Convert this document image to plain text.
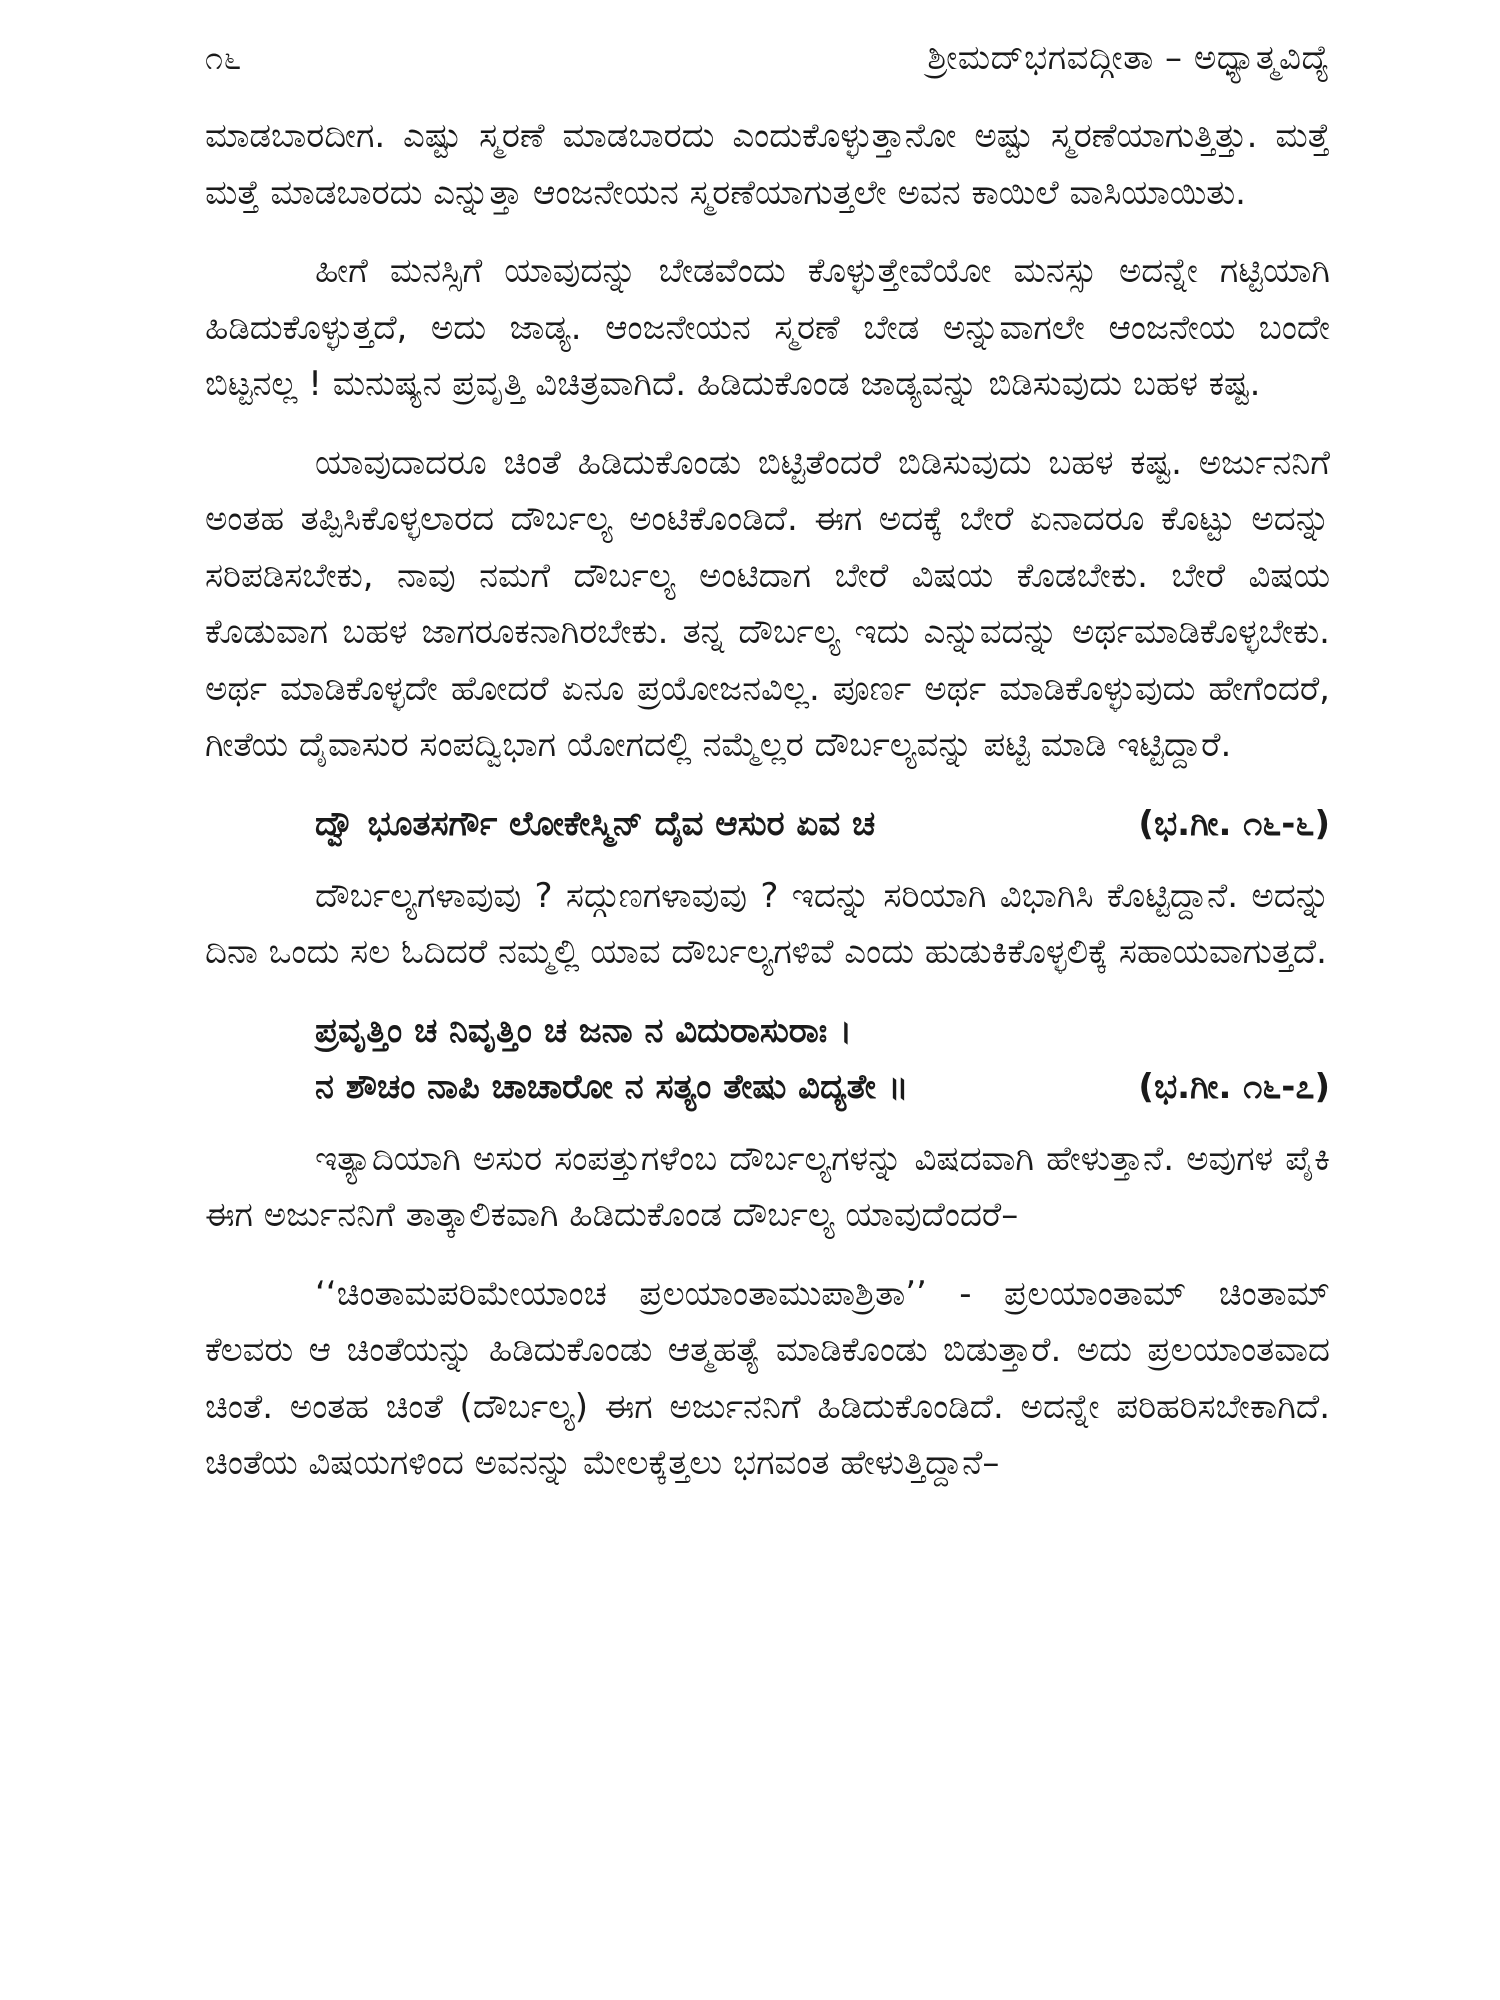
೧೬	ಶ್ರೀಮದ್‌ಭಗವದ್ಗೀತಾ – ಅಧ್ಯಾತ್ಮವಿದ್ಯೆ

ಮಾಡಬಾರದೀಗ. ಎಷ್ಟು ಸ್ಮರಣೆ ಮಾಡಬಾರದು ಎಂದುಕೊಳ್ಳುತ್ತಾನೋ ಅಷ್ಟು ಸ್ಮರಣೆಯಾಗುತ್ತಿತ್ತು. ಮತ್ತೆ ಮತ್ತೆ ಮಾಡಬಾರದು ಎನ್ನುತ್ತಾ ಆಂಜನೇಯನ ಸ್ಮರಣೆಯಾಗುತ್ತಲೇ ಅವನ ಕಾಯಿಲೆ ವಾಸಿಯಾಯಿತು.

ಹೀಗೆ ಮನಸ್ಸಿಗೆ ಯಾವುದನ್ನು ಬೇಡವೆಂದು ಕೊಳ್ಳುತ್ತೇವೆಯೋ ಮನಸ್ಸು ಅದನ್ನೇ ಗಟ್ಟಿಯಾಗಿ ಹಿಡಿದುಕೊಳ್ಳುತ್ತದೆ, ಅದು ಜಾಡ್ಯ. ಆಂಜನೇಯನ ಸ್ಮರಣೆ ಬೇಡ ಅನ್ನುವಾಗಲೇ ಆಂಜನೇಯ ಬಂದೇ ಬಿಟ್ಟನಲ್ಲ ! ಮನುಷ್ಯನ ಪ್ರವೃತ್ತಿ ವಿಚಿತ್ರವಾಗಿದೆ. ಹಿಡಿದುಕೊಂಡ ಜಾಡ್ಯವನ್ನು ಬಿಡಿಸುವುದು ಬಹಳ ಕಷ್ಟ.

ಯಾವುದಾದರೂ ಚಿಂತೆ ಹಿಡಿದುಕೊಂಡು ಬಿಟ್ಟಿತೆಂದರೆ ಬಿಡಿಸುವುದು ಬಹಳ ಕಷ್ಟ. ಅರ್ಜುನನಿಗೆ ಅಂತಹ ತಪ್ಪಿಸಿಕೊಳ್ಳಲಾರದ ದೌರ್ಬಲ್ಯ ಅಂಟಿಕೊಂಡಿದೆ. ಈಗ ಅದಕ್ಕೆ ಬೇರೆ ಏನಾದರೂ ಕೊಟ್ಟು ಅದನ್ನು ಸರಿಪಡಿಸಬೇಕು, ನಾವು ನಮಗೆ ದೌರ್ಬಲ್ಯ ಅಂಟಿದಾಗ ಬೇರೆ ವಿಷಯ ಕೊಡಬೇಕು. ಬೇರೆ ವಿಷಯ ಕೊಡುವಾಗ ಬಹಳ ಜಾಗರೂಕನಾಗಿರಬೇಕು. ತನ್ನ ದೌರ್ಬಲ್ಯ ಇದು ಎನ್ನುವದನ್ನು ಅರ್ಥಮಾಡಿಕೊಳ್ಳಬೇಕು. ಅರ್ಥ ಮಾಡಿಕೊಳ್ಳದೇ ಹೋದರೆ ಏನೂ ಪ್ರಯೋಜನವಿಲ್ಲ. ಪೂರ್ಣ ಅರ್ಥ ಮಾಡಿಕೊಳ್ಳುವುದು ಹೇಗೆಂದರೆ, ಗೀತೆಯ ದೈವಾಸುರ ಸಂಪದ್ವಿಭಾಗ ಯೋಗದಲ್ಲಿ ನಮ್ಮೆಲ್ಲರ ದೌರ್ಬಲ್ಯವನ್ನು ಪಟ್ಟಿ ಮಾಡಿ ಇಟ್ಟಿದ್ದಾರೆ.

ದ್ವೌ ಭೂತಸರ್ಗೌ ಲೋಕೇಸ್ಮಿನ್ ದೈವ ಆಸುರ ಏವ ಚ	(ಭ.ಗೀ. ೧೬-೬)

ದೌರ್ಬಲ್ಯಗಳಾವುವು ? ಸದ್ಗುಣಗಳಾವುವು ? ಇದನ್ನು ಸರಿಯಾಗಿ ವಿಭಾಗಿಸಿ ಕೊಟ್ಟಿದ್ದಾನೆ. ಅದನ್ನು ದಿನಾ ಒಂದು ಸಲ ಓದಿದರೆ ನಮ್ಮಲ್ಲಿ ಯಾವ ದೌರ್ಬಲ್ಯಗಳಿವೆ ಎಂದು ಹುಡುಕಿಕೊಳ್ಳಲಿಕ್ಕೆ ಸಹಾಯವಾಗುತ್ತದೆ.

ಪ್ರವೃತ್ತಿಂ ಚ ನಿವೃತ್ತಿಂ ಚ ಜನಾ ನ ವಿದುರಾಸುರಾಃ ।
ನ ಶೌಚಂ ನಾಪಿ ಚಾಚಾರೋ ನ ಸತ್ಯಂ ತೇಷು ವಿದ್ಯತೇ ॥	(ಭ.ಗೀ. ೧೬-೭)

ಇತ್ಯಾದಿಯಾಗಿ ಅಸುರ ಸಂಪತ್ತುಗಳೆಂಬ ದೌರ್ಬಲ್ಯಗಳನ್ನು ವಿಷದವಾಗಿ ಹೇಳುತ್ತಾನೆ. ಅವುಗಳ ಪೈಕಿ ಈಗ ಅರ್ಜುನನಿಗೆ ತಾತ್ಕಾಲಿಕವಾಗಿ ಹಿಡಿದುಕೊಂಡ ದೌರ್ಬಲ್ಯ ಯಾವುದೆಂದರೆ–

‘‘ಚಿಂತಾಮಪರಿಮೇಯಾಂಚ ಪ್ರಲಯಾಂತಾಮುಪಾಶ್ರಿತಾ’’ - ಪ್ರಲಯಾಂತಾಮ್ ಚಿಂತಾಮ್ ಕೆಲವರು ಆ ಚಿಂತೆಯನ್ನು ಹಿಡಿದುಕೊಂಡು ಆತ್ಮಹತ್ಯೆ ಮಾಡಿಕೊಂಡು ಬಿಡುತ್ತಾರೆ. ಅದು ಪ್ರಲಯಾಂತವಾದ ಚಿಂತೆ. ಅಂತಹ ಚಿಂತೆ (ದೌರ್ಬಲ್ಯ) ಈಗ ಅರ್ಜುನನಿಗೆ ಹಿಡಿದುಕೊಂಡಿದೆ. ಅದನ್ನೇ ಪರಿಹರಿಸಬೇಕಾಗಿದೆ. ಚಿಂತೆಯ ವಿಷಯಗಳಿಂದ ಅವನನ್ನು ಮೇಲಕ್ಕೆತ್ತಲು ಭಗವಂತ ಹೇಳುತ್ತಿದ್ದಾನೆ–
